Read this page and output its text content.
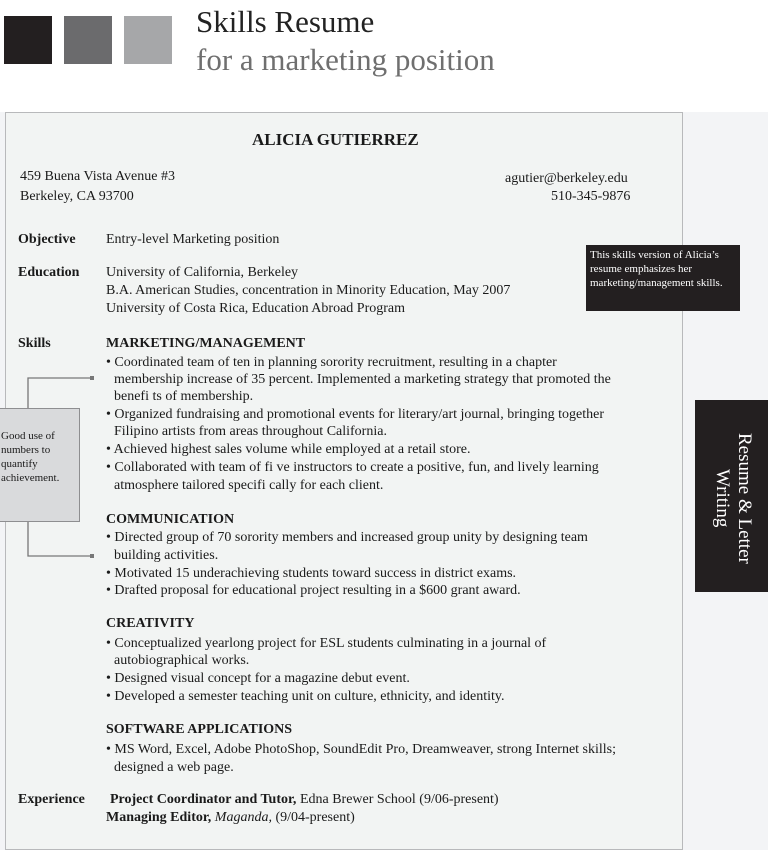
Skills Resume
for a marketing position
ALICIA GUTIERREZ
459 Buena Vista Avenue #3
Berkeley, CA 93700
agutier@berkeley.edu
510-345-9876
Objective Entry-level Marketing position
Education University of California, Berkeley
B.A. American Studies, concentration in Minority Education, May 2007
University of Costa Rica, Education Abroad Program
Skills	MARKETING/MANAGEMENT
• Coordinated team of ten in planning sorority recruitment, resulting in a chapter
membership increase of 35 percent. Implemented a marketing strategy that promoted the
benefi ts of membership.
• Organized fundraising and promotional events for literary/art journal, bringing together
Filipino artists from areas throughout California.
• Achieved highest sales volume while employed at a retail store.
• Collaborated with team of fi ve instructors to create a positive, fun, and lively learning
atmosphere tailored specifi cally for each client.
COMMUNICATION
• Directed group of 70 sorority members and increased group unity by designing team
building activities.
• Motivated 15 underachieving students toward success in district exams.
• Drafted proposal for educational project resulting in a $600 grant award.
CREATIVITY
• Conceptualized yearlong project for ESL students culminating in a journal of
autobiographical works.
• Designed visual concept for a magazine debut event.
• Developed a semester teaching unit on culture, ethnicity, and identity.
SOFTWARE APPLICATIONS
• MS Word, Excel, Adobe PhotoShop, SoundEdit Pro, Dreamweaver, strong Internet skills;
designed a web page.
Experience Project Coordinator and Tutor, Edna Brewer School (9/06-present)
Managing Editor, Maganda, (9/04-present)
This skills version of Alicia’s resume emphasizes her marketing/management skills.
Good use of numbers to quantify achievement.	Resume & Letter Writing
